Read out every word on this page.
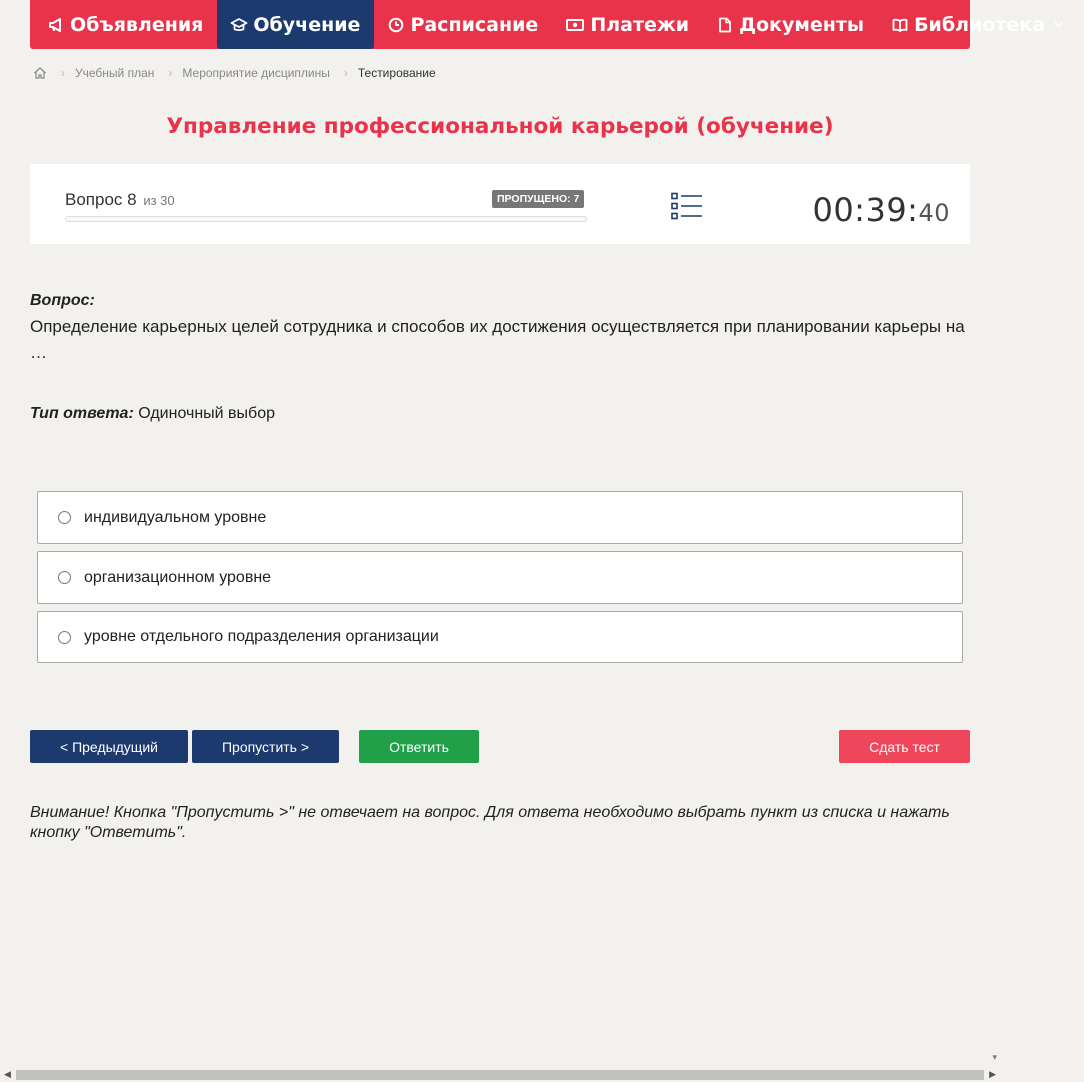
Объявления	Обучение	Расписание	Платежи	Документы	Библиотека
› Учебный план › Мероприятие дисциплины › Тестирование
Управление профессиональной карьерой (обучение)
Вопрос 8 из 30	ПРОПУЩЕНО: 7	00:39:40
Вопрос:
Определение карьерных целей сотрудника и способов их достижения осуществляется при планировании карьеры на …
Тип ответа: Одиночный выбор
индивидуальном уровне
организационном уровне
уровне отдельного подразделения организации
< Предыдущий	Пропустить >	Ответить	Сдать тест
Внимание! Кнопка "Пропустить >" не отвечает на вопрос. Для ответа необходимо выбрать пункт из списка и нажать кнопку "Ответить".
▾
◀	▶
